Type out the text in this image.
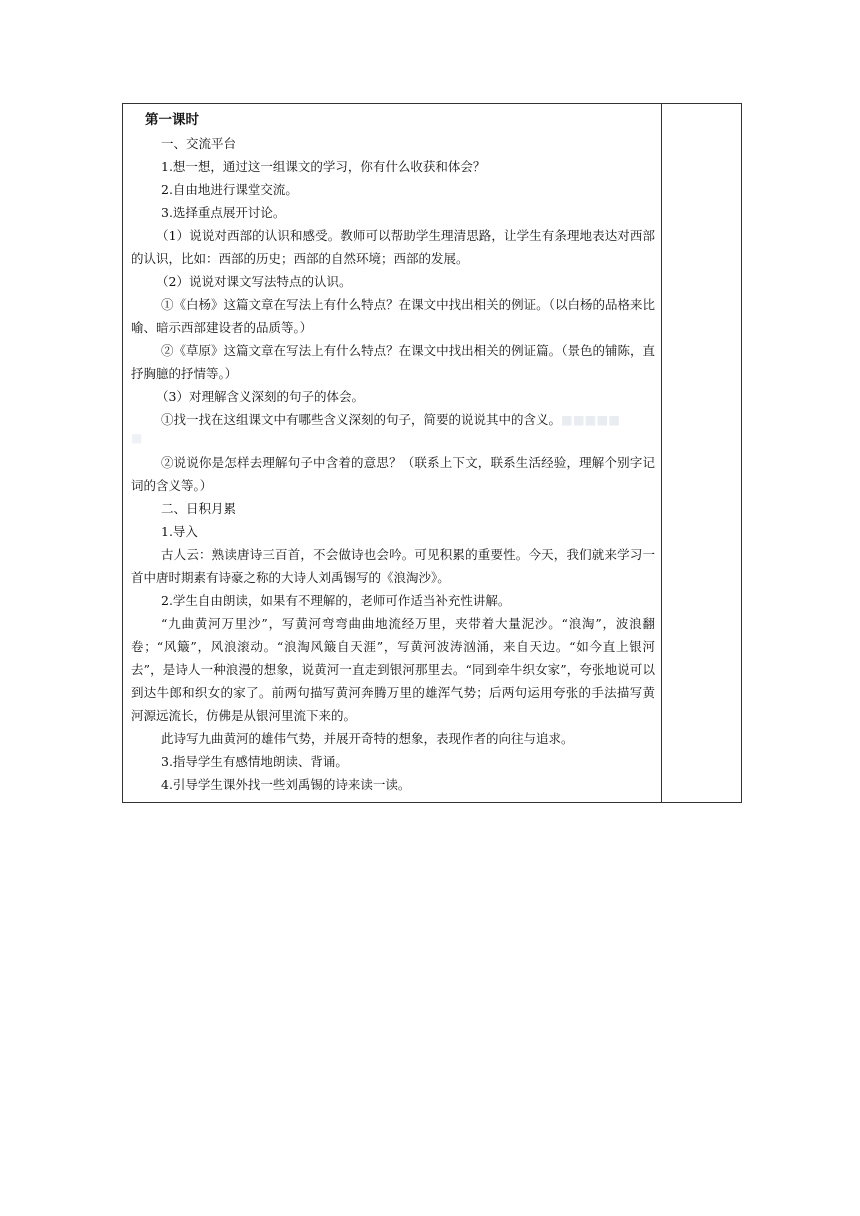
第一课时

一、交流平台

1.想一想，通过这一组课文的学习，你有什么收获和体会？

2.自由地进行课堂交流。

3.选择重点展开讨论。

（1）说说对西部的认识和感受。教师可以帮助学生理清思路，让学生有条理地表达对西部的认识，比如：西部的历史；西部的自然环境；西部的发展。

（2）说说对课文写法特点的认识。

①《白杨》这篇文章在写法上有什么特点？在课文中找出相关的例证。（以白杨的品格来比喻、暗示西部建设者的品质等。）

②《草原》这篇文章在写法上有什么特点？在课文中找出相关的例证篇。（景色的铺陈，直抒胸臆的抒情等。）

（3）对理解含义深刻的句子的体会。

①找一找在这组课文中有哪些含义深刻的句子，简要的说说其中的含义。■■■■■

■

②说说你是怎样去理解句子中含着的意思？（联系上下文，联系生活经验，理解个别字记词的含义等。）

二、日积月累

1.导入

古人云：熟读唐诗三百首，不会做诗也会吟。可见积累的重要性。今天，我们就来学习一首中唐时期素有诗豪之称的大诗人刘禹锡写的《浪淘沙》。

2.学生自由朗读，如果有不理解的，老师可作适当补充性讲解。

“九曲黄河万里沙”，写黄河弯弯曲曲地流经万里，夹带着大量泥沙。“浪淘”，波浪翻卷；“风簸”，风浪滚动。“浪淘风簸自天涯”，写黄河波涛汹涌，来自天边。“如今直上银河去”，是诗人一种浪漫的想象，说黄河一直走到银河那里去。“同到牵牛织女家”，夸张地说可以到达牛郎和织女的家了。前两句描写黄河奔腾万里的雄浑气势；后两句运用夸张的手法描写黄河源远流长，仿佛是从银河里流下来的。

此诗写九曲黄河的雄伟气势，并展开奇特的想象，表现作者的向往与追求。

3.指导学生有感情地朗读、背诵。

4.引导学生课外找一些刘禹锡的诗来读一读。
